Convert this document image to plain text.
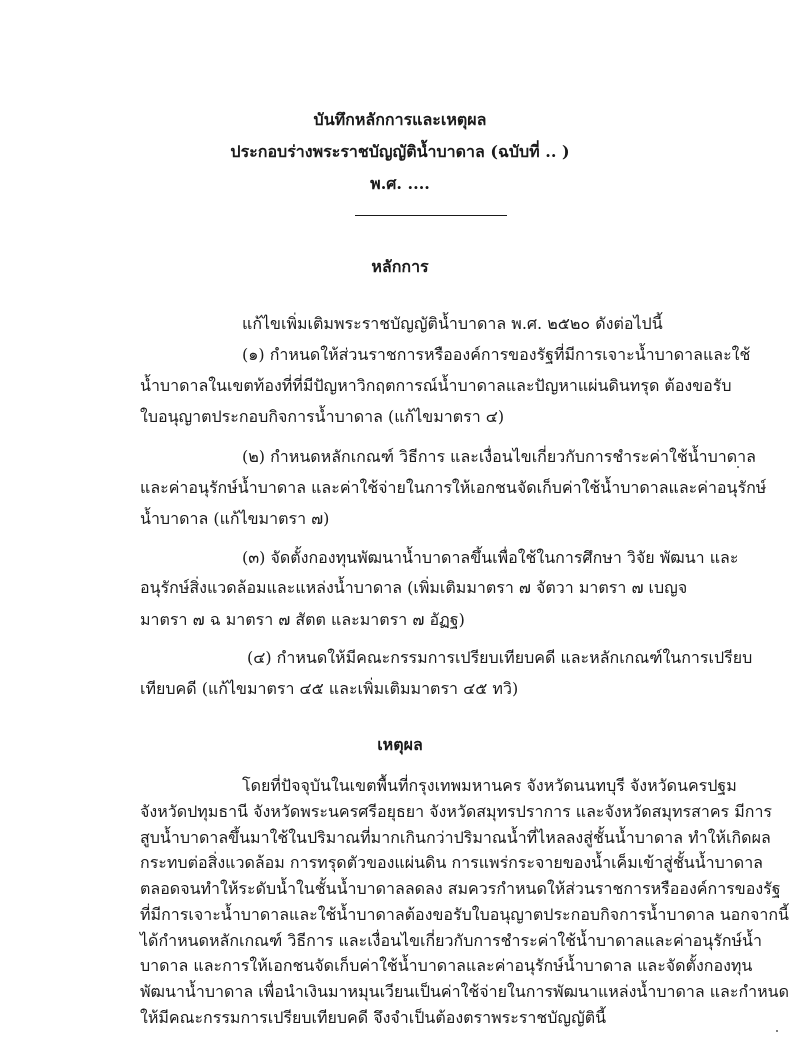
บันทึกหลักการและเหตุผล
ประกอบร่างพระราชบัญญัติน้ำบาดาล (ฉบับที่ .. )
พ.ศ. ....
หลักการ
แก้ไขเพิ่มเติมพระราชบัญญัติน้ำบาดาล พ.ศ. ๒๕๒๐ ดังต่อไปนี้
(๑) กำหนดให้ส่วนราชการหรือองค์การของรัฐที่มีการเจาะน้ำบาดาลและใช้
น้ำบาดาลในเขตท้องที่ที่มีปัญหาวิกฤตการณ์น้ำบาดาลและปัญหาแผ่นดินทรุด ต้องขอรับ
ใบอนุญาตประกอบกิจการน้ำบาดาล (แก้ไขมาตรา ๔)
(๒) กำหนดหลักเกณฑ์ วิธีการ และเงื่อนไขเกี่ยวกับการชำระค่าใช้น้ำบาดาล
และค่าอนุรักษ์น้ำบาดาล และค่าใช้จ่ายในการให้เอกชนจัดเก็บค่าใช้น้ำบาดาลและค่าอนุรักษ์
น้ำบาดาล (แก้ไขมาตรา ๗)
(๓) จัดตั้งกองทุนพัฒนาน้ำบาดาลขึ้นเพื่อใช้ในการศึกษา วิจัย พัฒนา และ
อนุรักษ์สิ่งแวดล้อมและแหล่งน้ำบาดาล (เพิ่มเติมมาตรา ๗ จัตวา มาตรา ๗ เบญจ
มาตรา ๗ ฉ มาตรา ๗ สัตต และมาตรา ๗ อัฏฐ)
(๔) กำหนดให้มีคณะกรรมการเปรียบเทียบคดี และหลักเกณฑ์ในการเปรียบ
เทียบคดี (แก้ไขมาตรา ๔๕ และเพิ่มเติมมาตรา ๔๕ ทวิ)
เหตุผล
โดยที่ปัจจุบันในเขตพื้นที่กรุงเทพมหานคร จังหวัดนนทบุรี จังหวัดนครปฐม
จังหวัดปทุมธานี จังหวัดพระนครศรีอยุธยา จังหวัดสมุทรปราการ และจังหวัดสมุทรสาคร มีการ
สูบน้ำบาดาลขึ้นมาใช้ในปริมาณที่มากเกินกว่าปริมาณน้ำที่ไหลลงสู่ชั้นน้ำบาดาล ทำให้เกิดผล
กระทบต่อสิ่งแวดล้อม การทรุดตัวของแผ่นดิน การแพร่กระจายของน้ำเค็มเข้าสู่ชั้นน้ำบาดาล
ตลอดจนทำให้ระดับน้ำในชั้นน้ำบาดาลลดลง สมควรกำหนดให้ส่วนราชการหรือองค์การของรัฐ
ที่มีการเจาะน้ำบาดาลและใช้น้ำบาดาลต้องขอรับใบอนุญาตประกอบกิจการน้ำบาดาล นอกจากนี้
ได้กำหนดหลักเกณฑ์ วิธีการ และเงื่อนไขเกี่ยวกับการชำระค่าใช้น้ำบาดาลและค่าอนุรักษ์น้ำ
บาดาล และการให้เอกชนจัดเก็บค่าใช้น้ำบาดาลและค่าอนุรักษ์น้ำบาดาล และจัดตั้งกองทุน
พัฒนาน้ำบาดาล เพื่อนำเงินมาหมุนเวียนเป็นค่าใช้จ่ายในการพัฒนาแหล่งน้ำบาดาล และกำหนด
ให้มีคณะกรรมการเปรียบเทียบคดี จึงจำเป็นต้องตราพระราชบัญญัตินี้
